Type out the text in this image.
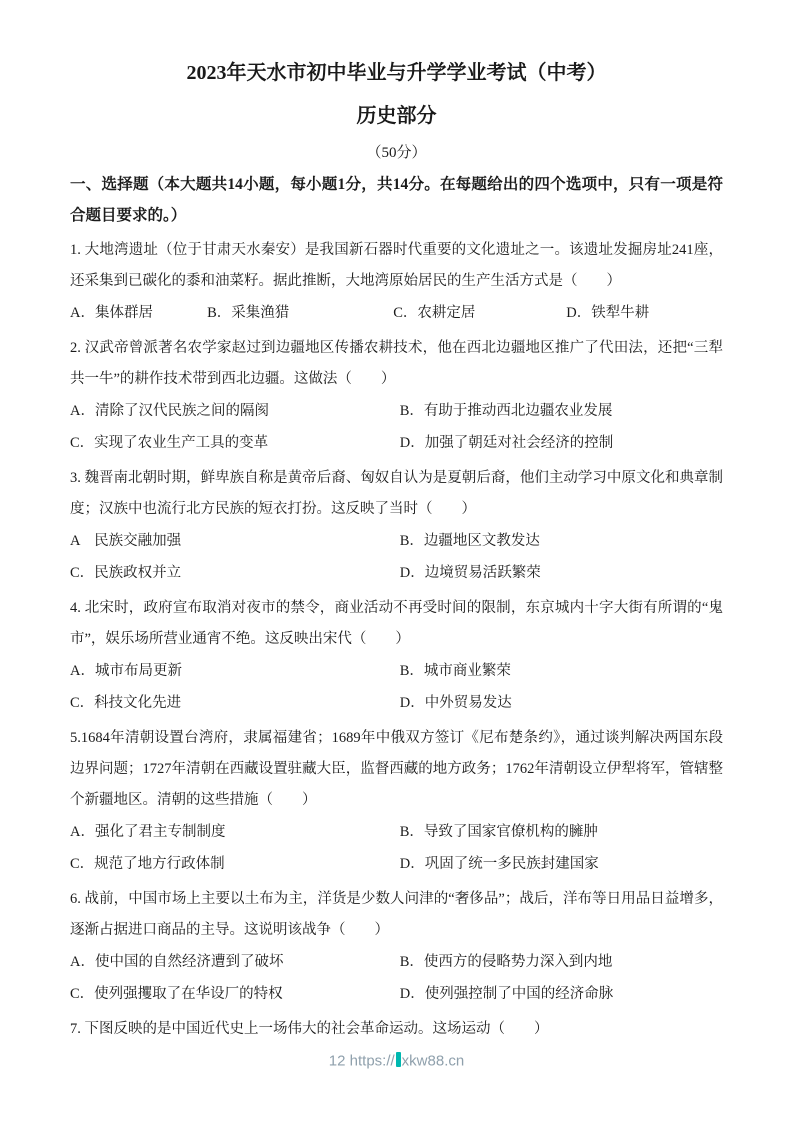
2023年天水市初中毕业与升学学业考试（中考）
历史部分
（50分）
一、选择题（本大题共14小题，每小题1分，共14分。在每题给出的四个选项中，只有一项是符合题目要求的。）

1. 大地湾遗址（位于甘肃天水秦安）是我国新石器时代重要的文化遗址之一。该遗址发掘房址241座，还采集到已碳化的黍和油菜籽。据此推断，大地湾原始居民的生产生活方式是（　　）

A．集体群居	B．采集渔猎	C．农耕定居	D．铁犁牛耕

2. 汉武帝曾派著名农学家赵过到边疆地区传播农耕技术，他在西北边疆地区推广了代田法，还把“三犁共一牛”的耕作技术带到西北边疆。这做法（　　）

A．清除了汉代民族之间的隔阂	B．有助于推动西北边疆农业发展
C．实现了农业生产工具的变革	D．加强了朝廷对社会经济的控制

3. 魏晋南北朝时期，鲜卑族自称是黄帝后裔、匈奴自认为是夏朝后裔，他们主动学习中原文化和典章制度；汉族中也流行北方民族的短衣打扮。这反映了当时（　　）

A　民族交融加强	B．边疆地区文教发达
C．民族政权并立	D．边境贸易活跃繁荣

4. 北宋时，政府宣布取消对夜市的禁令，商业活动不再受时间的限制，东京城内十字大街有所谓的“鬼市”，娱乐场所营业通宵不绝。这反映出宋代（　　）

A．城市布局更新	B．城市商业繁荣
C．科技文化先进	D．中外贸易发达

5.1684年清朝设置台湾府，隶属福建省；1689年中俄双方签订《尼布楚条约》，通过谈判解决两国东段边界问题；1727年清朝在西藏设置驻藏大臣，监督西藏的地方政务；1762年清朝设立伊犁将军，管辖整个新疆地区。清朝的这些措施（　　）

A．强化了君主专制制度	B．导致了国家官僚机构的臃肿
C．规范了地方行政体制	D．巩固了统一多民族封建国家

6. 战前，中国市场上主要以土布为主，洋货是少数人问津的“奢侈品”；战后，洋布等日用品日益增多，逐渐占据进口商品的主导。这说明该战争（　　）

A．使中国的自然经济遭到了破坏	B．使西方的侵略势力深入到内地
C．使列强攫取了在华设厂的特权	D．使列强控制了中国的经济命脉

7. 下图反映的是中国近代史上一场伟大的社会革命运动。这场运动（　　）

12 https:// xkw88.cn
